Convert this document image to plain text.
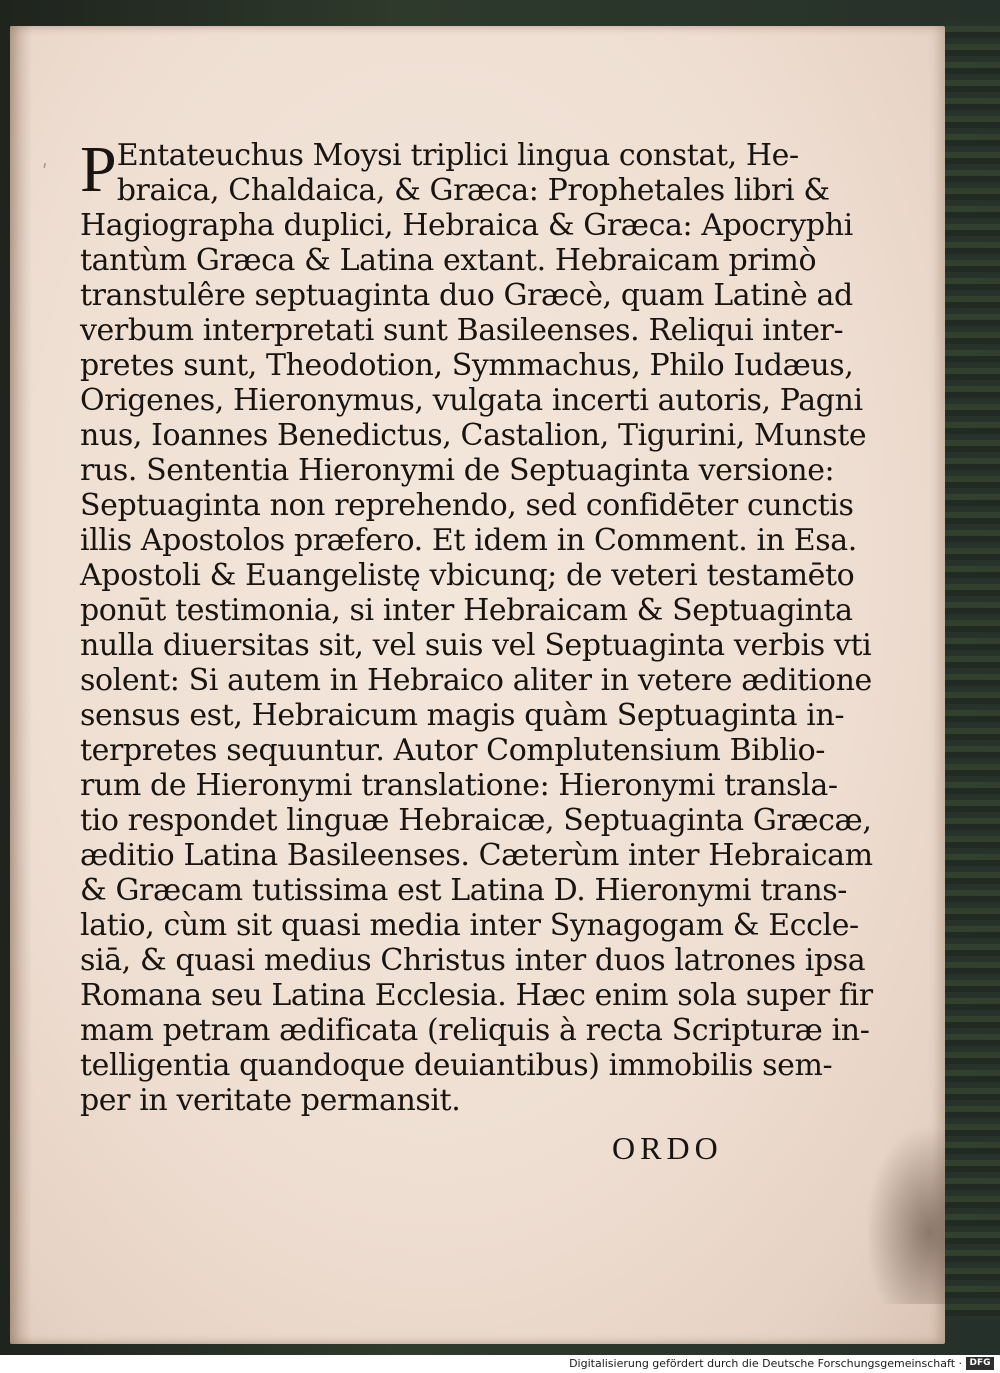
ʹ P Entateuchus Moysi triplici lingua constat, He-
braica, Chaldaica, & Græca: Prophetales libri &
Hagiographa duplici, Hebraica & Græca: Apocryphi
tantùm Græca & Latina extant. Hebraicam primò
transtulêre septuaginta duo Græcè, quam Latinè ad
verbum interpretati sunt Basileenses. Reliqui inter-
pretes sunt, Theodotion, Symmachus, Philo Iudæus,
Origenes, Hieronymus, vulgata incerti autoris, Pagni
nus, Ioannes Benedictus, Castalion, Tigurini, Munste
rus. Sententia Hieronymi de Septuaginta versione:
Septuaginta non reprehendo, sed confidēter cunctis
illis Apostolos præfero. Et idem in Comment. in Esa.
Apostoli & Euangelistę vbicunq; de veteri testamēto
ponūt testimonia, si inter Hebraicam & Septuaginta
nulla diuersitas sit, vel suis vel Septuaginta verbis vti
solent: Si autem in Hebraico aliter in vetere æditione
sensus est, Hebraicum magis quàm Septuaginta in-
terpretes sequuntur. Autor Complutensium Biblio-
rum de Hieronymi translatione: Hieronymi transla-
tio respondet linguæ Hebraicæ, Septuaginta Græcæ,
æditio Latina Basileenses. Cæterùm inter Hebraicam
& Græcam tutissima est Latina D. Hieronymi trans-
latio, cùm sit quasi media inter Synagogam & Eccle-
siā, & quasi medius Christus inter duos latrones ipsa
Romana seu Latina Ecclesia. Hæc enim sola super fir
mam petram ædificata (reliquis à recta Scripturæ in-
telligentia quandoque deuiantibus) immobilis sem-
per in veritate permansit.
ORDO
Digitalisierung gefördert durch die Deutsche Forschungsgemeinschaft · DFG
